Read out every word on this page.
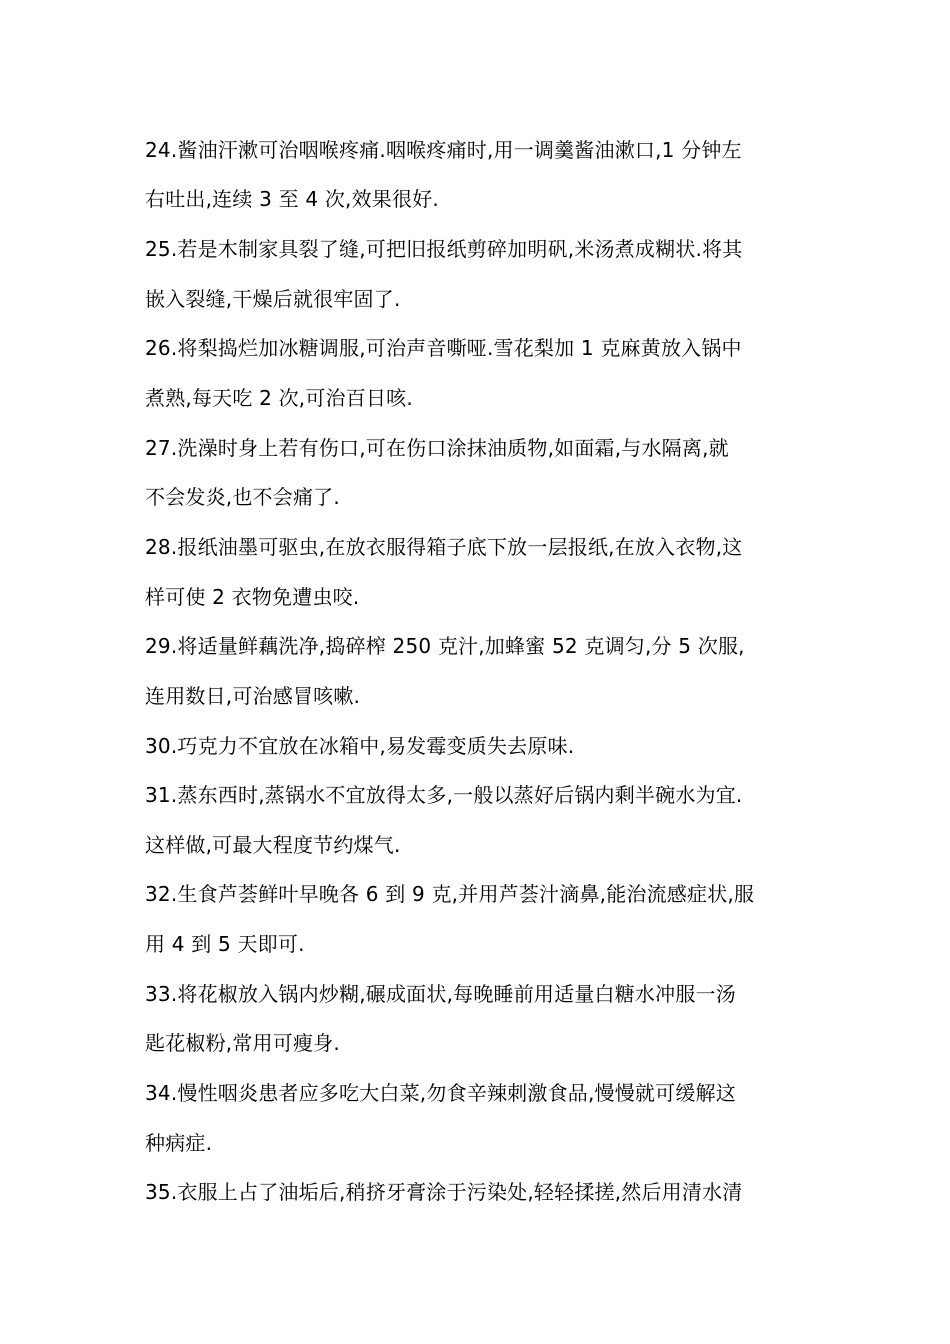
24.酱油汗漱可治咽喉疼痛.咽喉疼痛时,用一调羹酱油漱口,1 分钟左
右吐出,连续 3 至 4 次,效果很好.
25.若是木制家具裂了缝,可把旧报纸剪碎加明矾,米汤煮成糊状.将其
嵌入裂缝,干燥后就很牢固了.
26.将梨捣烂加冰糖调服,可治声音嘶哑.雪花梨加 1 克麻黄放入锅中
煮熟,每天吃 2 次,可治百日咳.
27.洗澡时身上若有伤口,可在伤口涂抹油质物,如面霜,与水隔离,就
不会发炎,也不会痛了.
28.报纸油墨可驱虫,在放衣服得箱子底下放一层报纸,在放入衣物,这
样可使 2 衣物免遭虫咬.
29.将适量鲜藕洗净,捣碎榨 250 克汁,加蜂蜜 52 克调匀,分 5 次服,
连用数日,可治感冒咳嗽.
30.巧克力不宜放在冰箱中,易发霉变质失去原味.
31.蒸东西时,蒸锅水不宜放得太多,一般以蒸好后锅内剩半碗水为宜.
这样做,可最大程度节约煤气.
32.生食芦荟鲜叶早晚各 6 到 9 克,并用芦荟汁滴鼻,能治流感症状,服
用 4 到 5 天即可.
33.将花椒放入锅内炒糊,碾成面状,每晚睡前用适量白糖水冲服一汤
匙花椒粉,常用可瘦身.
34.慢性咽炎患者应多吃大白菜,勿食辛辣刺激食品,慢慢就可缓解这
种病症.
35.衣服上占了油垢后,稍挤牙膏涂于污染处,轻轻揉搓,然后用清水清
